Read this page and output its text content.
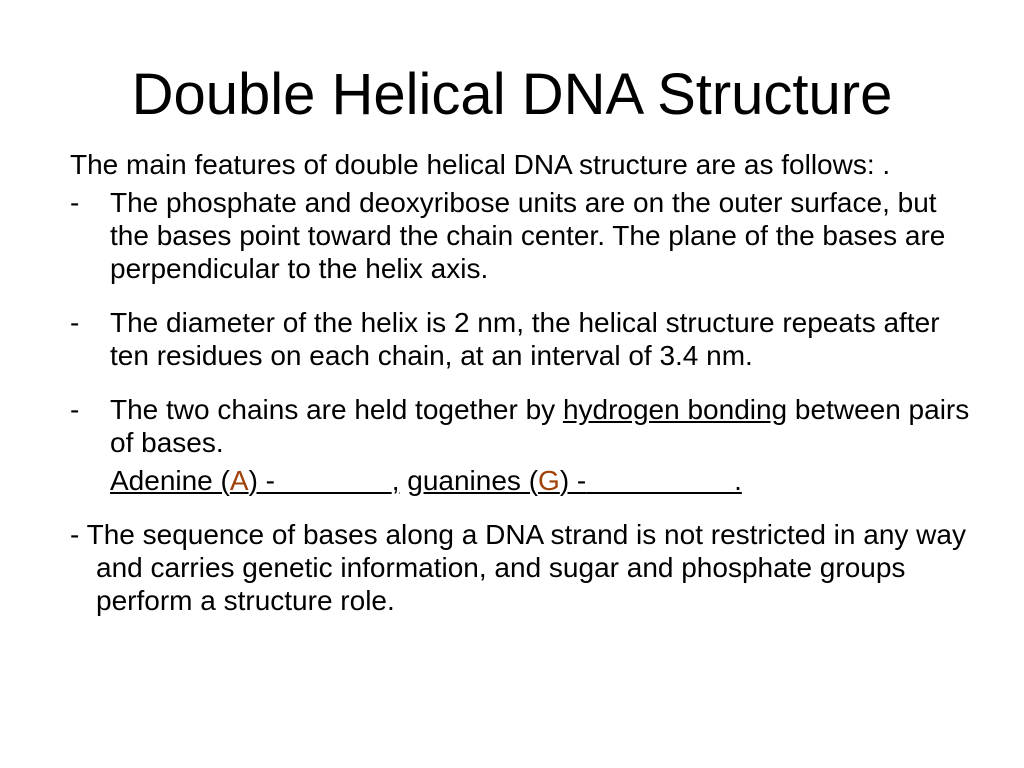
Double Helical DNA Structure

The main features of double helical DNA structure are as follows: .

- The phosphate and deoxyribose units are on the outer surface, but the bases point toward the chain center. The plane of the bases are perpendicular to the helix axis.
- The diameter of the helix is 2 nm, the helical structure repeats after ten residues on each chain, at an interval of 3.4 nm.
- The two chains are held together by hydrogen bonding between pairs of bases.
Adenine (A) -	, guanines (G) -	.

- The sequence of bases along a DNA strand is not restricted in any way and carries genetic information, and sugar and phosphate groups perform a structure role.
